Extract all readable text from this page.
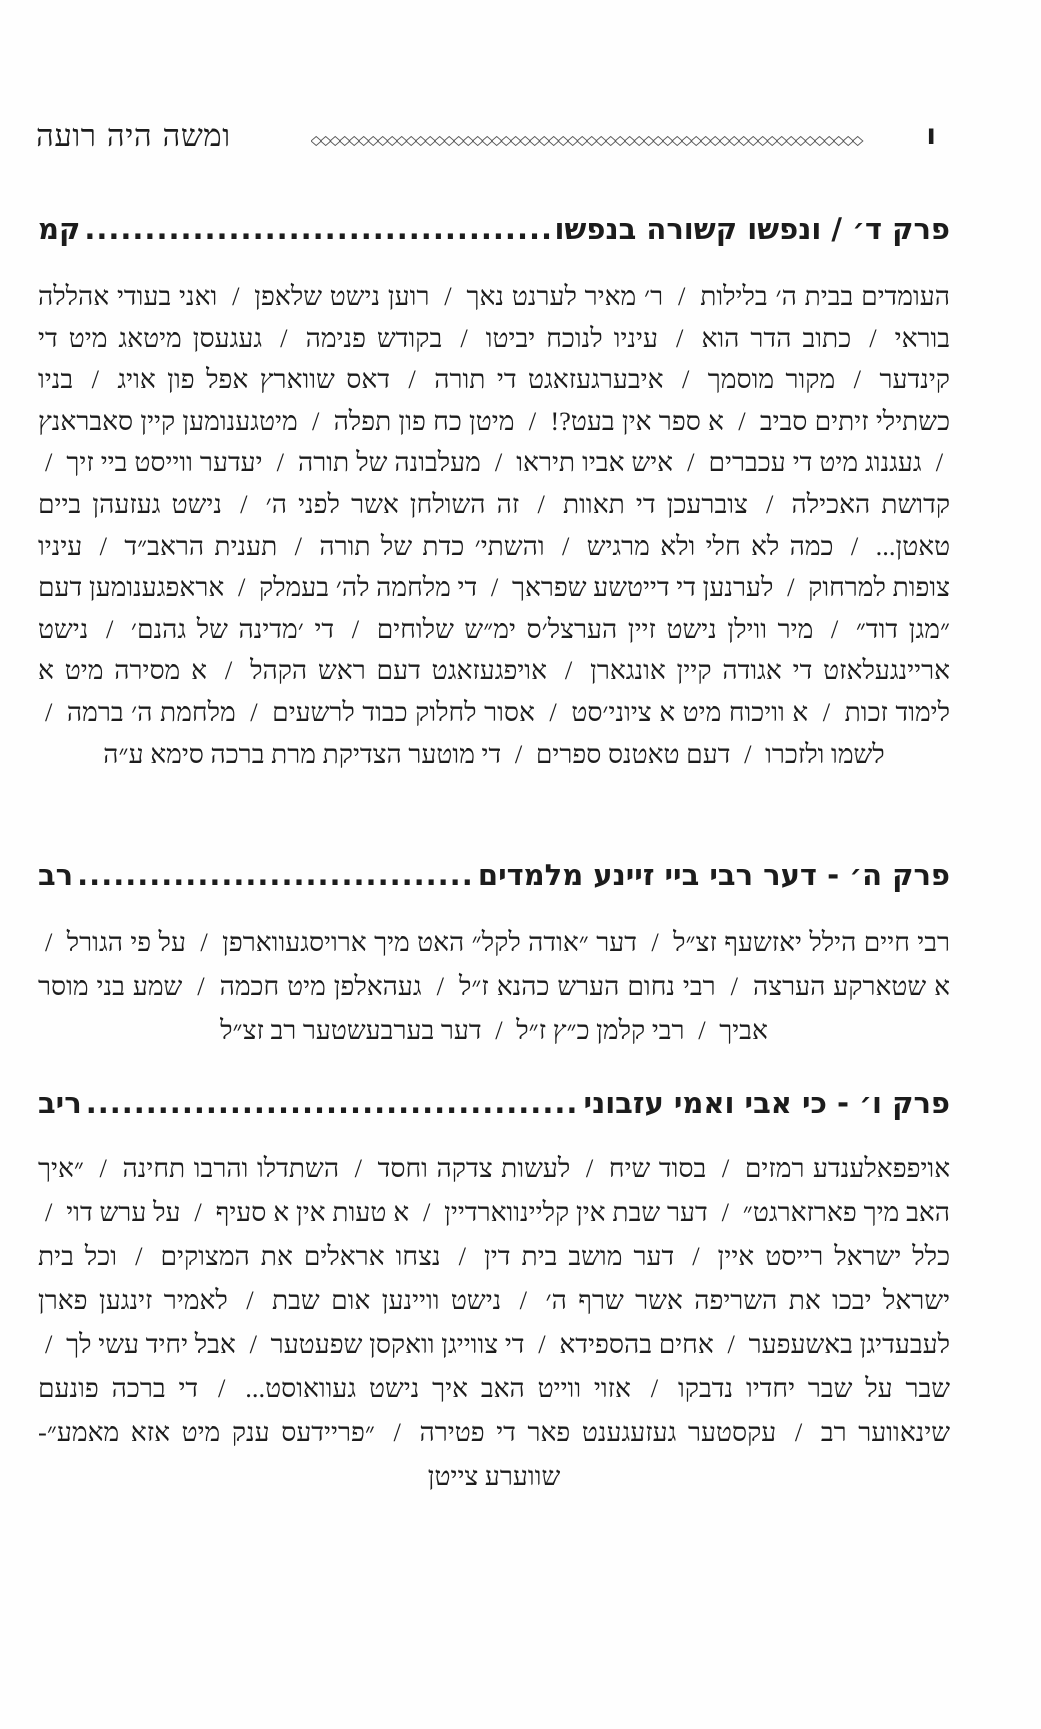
ו
ומשה היה רועה
פרק ד׳ / ונפשו קשורה בנפשו
.....
קמ
העומדים בבית ה׳ בלילות / ר׳ מאיר לערנט נאך / רוען נישט שלאפן / ואני בעודי אהללה בוראי / כתוב הדר הוא / עיניו לנוכח יביטו / בקודש פנימה / געגעסן מיטאג מיט די קינדער / מקור מוסמך / איבערגעזאגט די תורה / דאס שווארץ אפל פון אויג / בניו כשתילי זיתים סביב / א ספר אין בעט?! / מיטן כח פון תפלה / מיטגענומען קיין סאבראנץ / געגנוג מיט די עכברים / איש אביו תיראו / מעלבונה של תורה / יעדער ווייסט ביי זיך / קדושת האכילה / צוברעכן די תאוות / זה השולחן אשר לפני ה׳ / נישט געזעהן ביים טאטן... / כמה לא חלי ולא מרגיש / והשתי׳ כדת של תורה / תענית הראב״ד / עיניו צופות למרחוק / לערנען די דייטשע שפראך / די מלחמה לה׳ בעמלק / אראפגענומען דעם ״מגן דוד״ / מיר ווילן נישט זיין הערצל׳ס ימ״ש שלוחים / די ׳מדינה של גהנם׳ / נישט אריינגעלאזט די אגודה קיין אונגארן / אויפגעזאגט דעם ראש הקהל / א מסירה מיט א לימוד זכות / א וויכוח מיט א ציוני׳סט / אסור לחלוק כבוד לרשעים / מלחמת ה׳ ברמה / לשמו ולזכרו / דעם טאטנס ספרים / די מוטער הצדיקת מרת ברכה סימא ע״ה
פרק ה׳ - דער רבי ביי זיינע מלמדים
.....
רב
רבי חיים הילל יאזשעף זצ״ל / דער ״אודה לקל״ האט מיך ארויסגעווארפן / על פי הגורל / א שטארקע הערצה / רבי נחום הערש כהנא ז״ל / געהאלפן מיט חכמה / שמע בני מוסר אביך / רבי קלמן כ״ץ ז״ל / דער בערבעשטער רב זצ״ל
פרק ו׳ - כי אבי ואמי עזבוני
.....
ריב
אויפפאלענדע רמזים / בסוד שיח / לעשות צדקה וחסד / השתדלו והרבו תחינה / ״איך האב מיך פארזארגט״ / דער שבת אין קליינווארדיין / א טעות אין א סעיף / על ערש דוי / כלל ישראל רייסט איין / דער מושב בית דין / נצחו אראלים את המצוקים / וכל בית ישראל יבכו את השריפה אשר שרף ה׳ / נישט וויינען אום שבת / לאמיר זינגען פארן לעבעדיגן באשעפער / אחים בהספידא / די צווייגן וואקסן שפעטער / אבל יחיד עשי לך / שבר על שבר יחדיו נדבקו / אזוי ווייט האב איך נישט געוואוסט... / די ברכה פונעם שינאווער רב / עקסטער געזעגענט פאר די פטירה / ״פריידעס ענק מיט אזא מאמע״- שווערע צייטן
